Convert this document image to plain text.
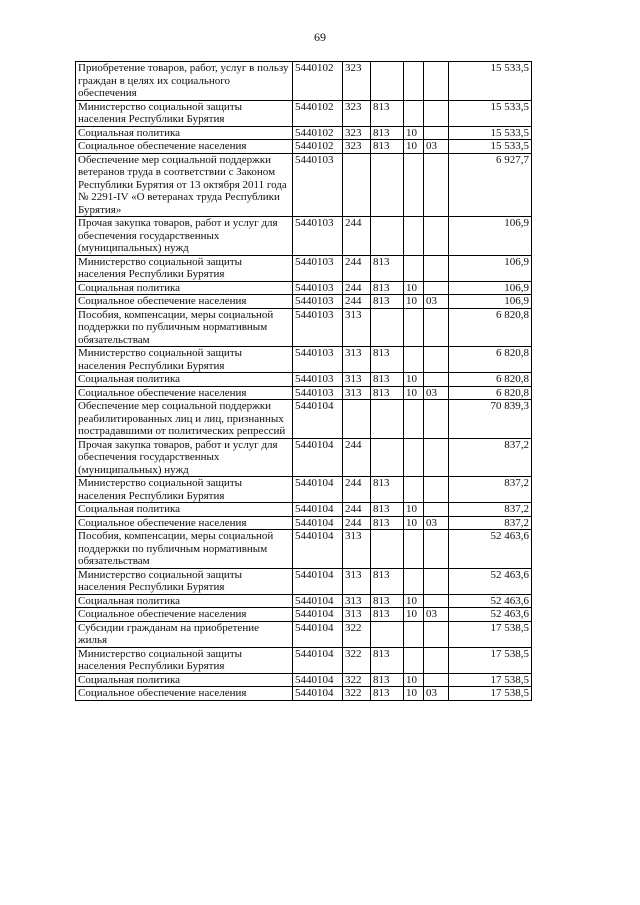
69
Приобретение товаров, работ, услуг в пользу граждан в целях их социального обеспечения	5440102	323				15 533,5
Министерство социальной защиты населения Республики Бурятия	5440102	323	813			15 533,5
Социальная политика	5440102	323	813	10		15 533,5
Социальное обеспечение населения	5440102	323	813	10	03	15 533,5
Обеспечение мер социальной поддержки ветеранов труда в соответствии с Законом Республики Бурятия от 13 октября 2011 года № 2291-IV «О ветеранах труда Республики Бурятия»	5440103					6 927,7
Прочая закупка товаров, работ и услуг для обеспечения государственных (муниципальных) нужд	5440103	244				106,9
Министерство социальной защиты населения Республики Бурятия	5440103	244	813			106,9
Социальная политика	5440103	244	813	10		106,9
Социальное обеспечение населения	5440103	244	813	10	03	106,9
Пособия, компенсации, меры социальной поддержки по публичным нормативным обязательствам	5440103	313				6 820,8
Министерство социальной защиты населения Республики Бурятия	5440103	313	813			6 820,8
Социальная политика	5440103	313	813	10		6 820,8
Социальное обеспечение населения	5440103	313	813	10	03	6 820,8
Обеспечение мер социальной поддержки реабилитированных лиц и лиц, признанных пострадавшими от политических репрессий	5440104					70 839,3
Прочая закупка товаров, работ и услуг для обеспечения государственных (муниципальных) нужд	5440104	244				837,2
Министерство социальной защиты населения Республики Бурятия	5440104	244	813			837,2
Социальная политика	5440104	244	813	10		837,2
Социальное обеспечение населения	5440104	244	813	10	03	837,2
Пособия, компенсации, меры социальной поддержки по публичным нормативным обязательствам	5440104	313				52 463,6
Министерство социальной защиты населения Республики Бурятия	5440104	313	813			52 463,6
Социальная политика	5440104	313	813	10		52 463,6
Социальное обеспечение населения	5440104	313	813	10	03	52 463,6
Субсидии гражданам на приобретение жилья	5440104	322				17 538,5
Министерство социальной защиты населения Республики Бурятия	5440104	322	813			17 538,5
Социальная политика	5440104	322	813	10		17 538,5
Социальное обеспечение населения	5440104	322	813	10	03	17 538,5
